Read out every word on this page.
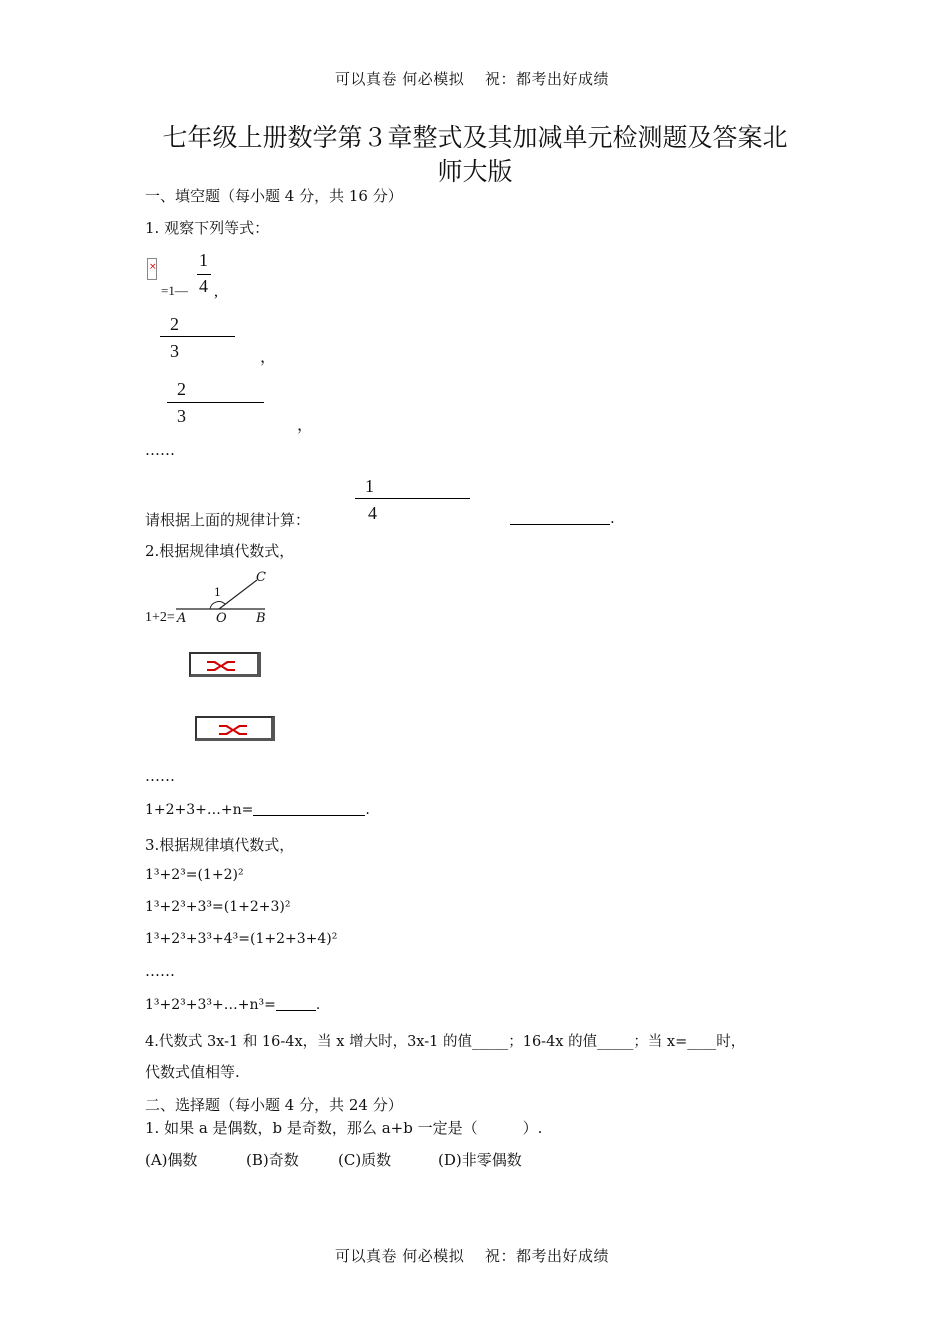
可以真卷 何必模拟　 祝：都考出好成绩
七年级上册数学第３章整式及其加减单元检测题及答案北
师大版
一、填空题（每小题 4 分，共 16 分）
1. 观察下列等式：
×
=1—
1
4 ,
2
3	，
2
3	，
……
1
4
请根据上面的规律计算：	.
2.根据规律填代数式，
1+2= A O B
C
1
……
1+2+3+…+n=	.
3.根据规律填代数式，
1³+2³=(1+2)²
1³+2³+3³=(1+2+3)²
1³+2³+3³+4³=(1+2+3+4)²
……
1³+2³+3³+…+n³=	.
4.代数式 3x-1 和 16-4x，当 x 增大时，3x-1 的值_____；16-4x 的值_____；当 x=____时，
代数式值相等.
二、选择题（每小题 4 分，共 24 分）
1. 如果 a 是偶数，b 是奇数，那么 a+b 一定是（　　　）.
(A)偶数	(B)奇数	(C)质数	(D)非零偶数
可以真卷 何必模拟　 祝：都考出好成绩
